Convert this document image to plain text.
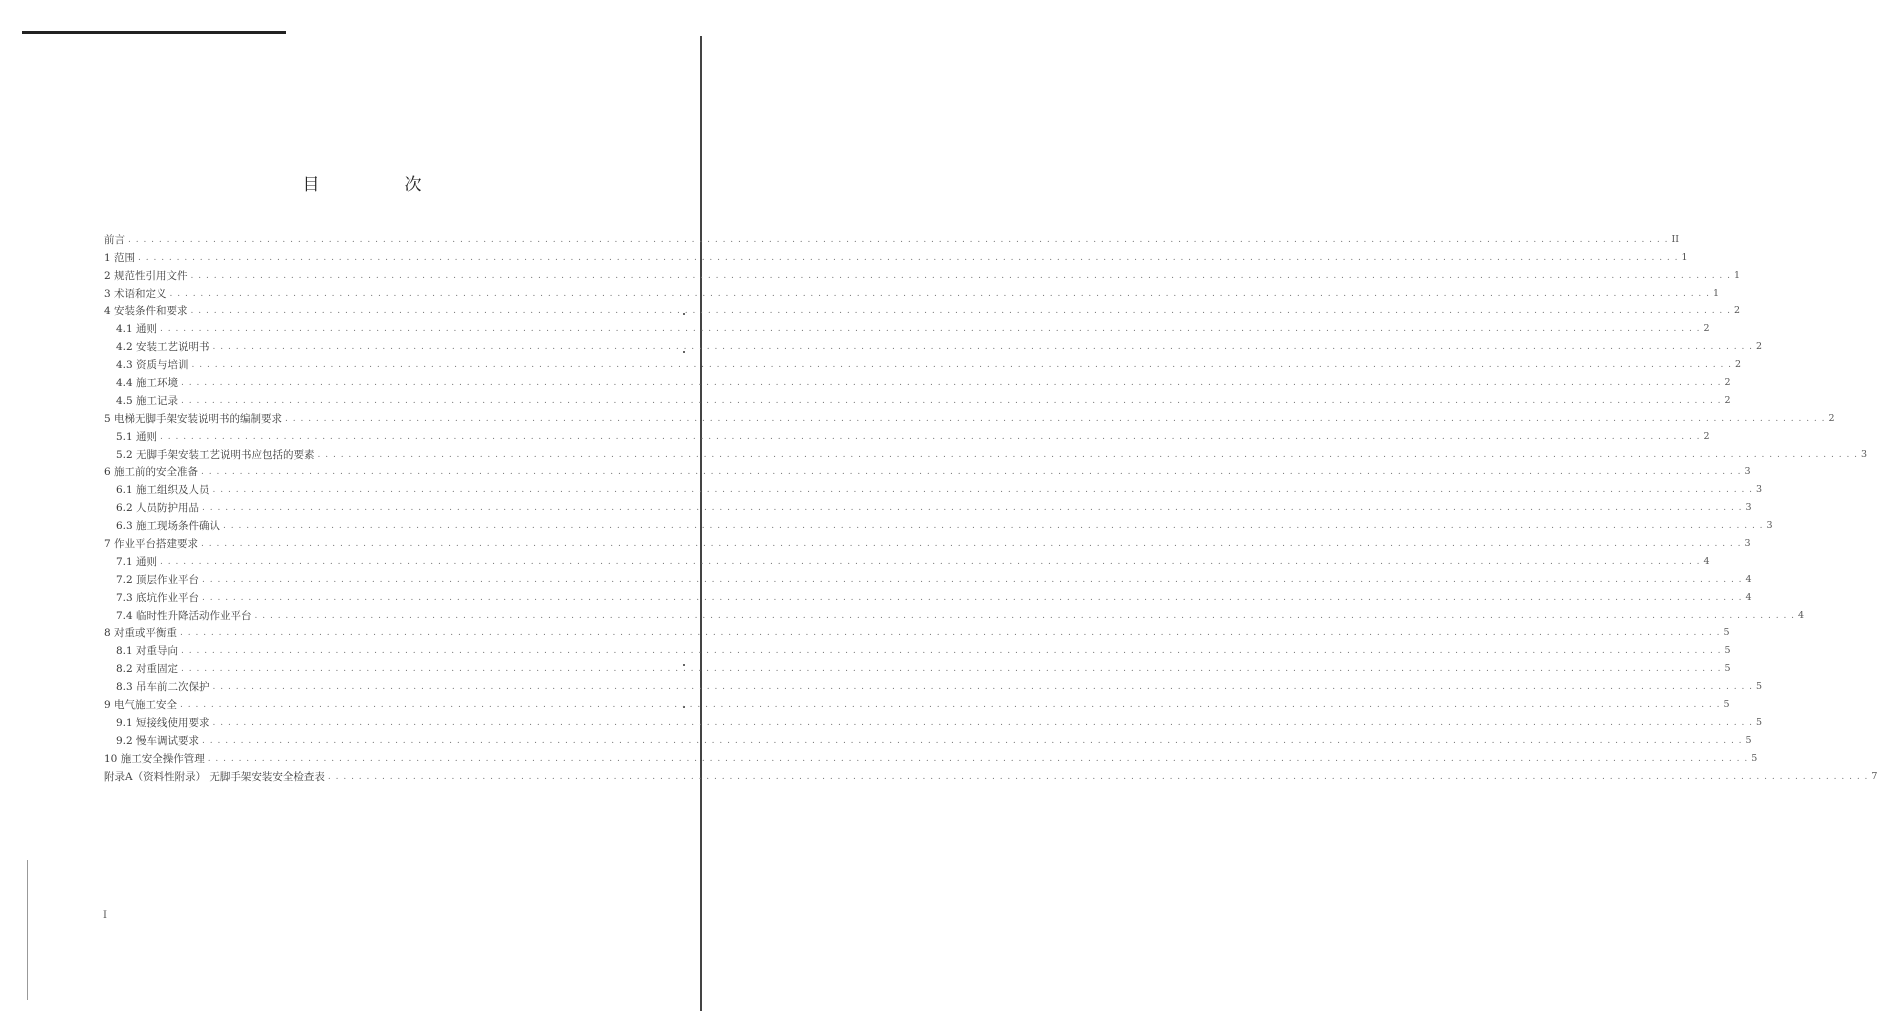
目　次
前言 . . . . . . . . . . . . . . . . . . . . . . . . . . . . . . . . . . . . . . . . . . . . . . . . . . . . . . . . . . . . . . . . . . . . . . . . . . . . . . . . . . . . . . . . . . . . . . . . . . . . . . . . . . . . . . . . . . . . . . . . . . . . . . . . . . . . . . . . . . . . . . . . . . . . . . . . . . . . . . . . . . . . . . . . . . . . . . . . . . . . . . . . . . . . . . . . . . . . . . . . II
1 范围 . . . . . . . . . . . . . . . . . . . . . . . . . . . . . . . . . . . . . . . . . . . . . . . . . . . . . . . . . . . . . . . . . . . . . . . . . . . . . . . . . . . . . . . . . . . . . . . . . . . . . . . . . . . . . . . . . . . . . . . . . . . . . . . . . . . . . . . . . . . . . . . . . . . . . . . . . . . . . . . . . . . . . . . . . . . . . . . . . . . . . . . . . . . . . . . . . . . . . . . . 1
2 规范性引用文件 . . . . . . . . . . . . . . . . . . . . . . . . . . . . . . . . . . . . . . . . . . . . . . . . . . . . . . . . . . . . . . . . . . . . . . . . . . . . . . . . . . . . . . . . . . . . . . . . . . . . . . . . . . . . . . . . . . . . . . . . . . . . . . . . . . . . . . . . . . . . . . . . . . . . . . . . . . . . . . . . . . . . . . . . . . . . . . . . . . . . . . . . . . . . . . . . . . . . . . . . 1
3 术语和定义 . . . . . . . . . . . . . . . . . . . . . . . . . . . . . . . . . . . . . . . . . . . . . . . . . . . . . . . . . . . . . . . . . . . . . . . . . . . . . . . . . . . . . . . . . . . . . . . . . . . . . . . . . . . . . . . . . . . . . . . . . . . . . . . . . . . . . . . . . . . . . . . . . . . . . . . . . . . . . . . . . . . . . . . . . . . . . . . . . . . . . . . . . . . . . . . . . . . . . . . . 1
4 安装条件和要求 . . . . . . . . . . . . . . . . . . . . . . . . . . . . . . . . . . . . . . . . . . . . . . . . . . . . . . . . . . . . . . . . . . . . . . . . . . . . . . . . . . . . . . . . . . . . . . . . . . . . . . . . . . . . . . . . . . . . . . . . . . . . . . . . . . . . . . . . . . . . . . . . . . . . . . . . . . . . . . . . . . . . . . . . . . . . . . . . . . . . . . . . . . . . . . . . . . . . . . . . 2
4.1 通则 . . . . . . . . . . . . . . . . . . . . . . . . . . . . . . . . . . . . . . . . . . . . . . . . . . . . . . . . . . . . . . . . . . . . . . . . . . . . . . . . . . . . . . . . . . . . . . . . . . . . . . . . . . . . . . . . . . . . . . . . . . . . . . . . . . . . . . . . . . . . . . . . . . . . . . . . . . . . . . . . . . . . . . . . . . . . . . . . . . . . . . . . . . . . . . . . . . . . . . . . 2
4.2 安装工艺说明书 . . . . . . . . . . . . . . . . . . . . . . . . . . . . . . . . . . . . . . . . . . . . . . . . . . . . . . . . . . . . . . . . . . . . . . . . . . . . . . . . . . . . . . . . . . . . . . . . . . . . . . . . . . . . . . . . . . . . . . . . . . . . . . . . . . . . . . . . . . . . . . . . . . . . . . . . . . . . . . . . . . . . . . . . . . . . . . . . . . . . . . . . . . . . . . . . . . . . . . . . 2
4.3 资质与培训 . . . . . . . . . . . . . . . . . . . . . . . . . . . . . . . . . . . . . . . . . . . . . . . . . . . . . . . . . . . . . . . . . . . . . . . . . . . . . . . . . . . . . . . . . . . . . . . . . . . . . . . . . . . . . . . . . . . . . . . . . . . . . . . . . . . . . . . . . . . . . . . . . . . . . . . . . . . . . . . . . . . . . . . . . . . . . . . . . . . . . . . . . . . . . . . . . . . . . . . . 2
4.4 施工环境 . . . . . . . . . . . . . . . . . . . . . . . . . . . . . . . . . . . . . . . . . . . . . . . . . . . . . . . . . . . . . . . . . . . . . . . . . . . . . . . . . . . . . . . . . . . . . . . . . . . . . . . . . . . . . . . . . . . . . . . . . . . . . . . . . . . . . . . . . . . . . . . . . . . . . . . . . . . . . . . . . . . . . . . . . . . . . . . . . . . . . . . . . . . . . . . . . . . . . . . . 2
4.5 施工记录 . . . . . . . . . . . . . . . . . . . . . . . . . . . . . . . . . . . . . . . . . . . . . . . . . . . . . . . . . . . . . . . . . . . . . . . . . . . . . . . . . . . . . . . . . . . . . . . . . . . . . . . . . . . . . . . . . . . . . . . . . . . . . . . . . . . . . . . . . . . . . . . . . . . . . . . . . . . . . . . . . . . . . . . . . . . . . . . . . . . . . . . . . . . . . . . . . . . . . . . . 2
5 电梯无脚手架安装说明书的编制要求 . . . . . . . . . . . . . . . . . . . . . . . . . . . . . . . . . . . . . . . . . . . . . . . . . . . . . . . . . . . . . . . . . . . . . . . . . . . . . . . . . . . . . . . . . . . . . . . . . . . . . . . . . . . . . . . . . . . . . . . . . . . . . . . . . . . . . . . . . . . . . . . . . . . . . . . . . . . . . . . . . . . . . . . . . . . . . . . . . . . . . . . . . . . . . . . . . . . . . . . . 2
5.1 通则 . . . . . . . . . . . . . . . . . . . . . . . . . . . . . . . . . . . . . . . . . . . . . . . . . . . . . . . . . . . . . . . . . . . . . . . . . . . . . . . . . . . . . . . . . . . . . . . . . . . . . . . . . . . . . . . . . . . . . . . . . . . . . . . . . . . . . . . . . . . . . . . . . . . . . . . . . . . . . . . . . . . . . . . . . . . . . . . . . . . . . . . . . . . . . . . . . . . . . . . . 2
5.2 无脚手架安装工艺说明书应包括的要素 . . . . . . . . . . . . . . . . . . . . . . . . . . . . . . . . . . . . . . . . . . . . . . . . . . . . . . . . . . . . . . . . . . . . . . . . . . . . . . . . . . . . . . . . . . . . . . . . . . . . . . . . . . . . . . . . . . . . . . . . . . . . . . . . . . . . . . . . . . . . . . . . . . . . . . . . . . . . . . . . . . . . . . . . . . . . . . . . . . . . . . . . . . . . . . . . . . . . . . . . 3
6 施工前的安全准备 . . . . . . . . . . . . . . . . . . . . . . . . . . . . . . . . . . . . . . . . . . . . . . . . . . . . . . . . . . . . . . . . . . . . . . . . . . . . . . . . . . . . . . . . . . . . . . . . . . . . . . . . . . . . . . . . . . . . . . . . . . . . . . . . . . . . . . . . . . . . . . . . . . . . . . . . . . . . . . . . . . . . . . . . . . . . . . . . . . . . . . . . . . . . . . . . . . . . . . . . 3
6.1 施工组织及人员 . . . . . . . . . . . . . . . . . . . . . . . . . . . . . . . . . . . . . . . . . . . . . . . . . . . . . . . . . . . . . . . . . . . . . . . . . . . . . . . . . . . . . . . . . . . . . . . . . . . . . . . . . . . . . . . . . . . . . . . . . . . . . . . . . . . . . . . . . . . . . . . . . . . . . . . . . . . . . . . . . . . . . . . . . . . . . . . . . . . . . . . . . . . . . . . . . . . . . . . . 3
6.2 人员防护用品 . . . . . . . . . . . . . . . . . . . . . . . . . . . . . . . . . . . . . . . . . . . . . . . . . . . . . . . . . . . . . . . . . . . . . . . . . . . . . . . . . . . . . . . . . . . . . . . . . . . . . . . . . . . . . . . . . . . . . . . . . . . . . . . . . . . . . . . . . . . . . . . . . . . . . . . . . . . . . . . . . . . . . . . . . . . . . . . . . . . . . . . . . . . . . . . . . . . . . . . . 3
6.3 施工现场条件确认 . . . . . . . . . . . . . . . . . . . . . . . . . . . . . . . . . . . . . . . . . . . . . . . . . . . . . . . . . . . . . . . . . . . . . . . . . . . . . . . . . . . . . . . . . . . . . . . . . . . . . . . . . . . . . . . . . . . . . . . . . . . . . . . . . . . . . . . . . . . . . . . . . . . . . . . . . . . . . . . . . . . . . . . . . . . . . . . . . . . . . . . . . . . . . . . . . . . . . . . . 3
7 作业平台搭建要求 . . . . . . . . . . . . . . . . . . . . . . . . . . . . . . . . . . . . . . . . . . . . . . . . . . . . . . . . . . . . . . . . . . . . . . . . . . . . . . . . . . . . . . . . . . . . . . . . . . . . . . . . . . . . . . . . . . . . . . . . . . . . . . . . . . . . . . . . . . . . . . . . . . . . . . . . . . . . . . . . . . . . . . . . . . . . . . . . . . . . . . . . . . . . . . . . . . . . . . . . 3
7.1 通则 . . . . . . . . . . . . . . . . . . . . . . . . . . . . . . . . . . . . . . . . . . . . . . . . . . . . . . . . . . . . . . . . . . . . . . . . . . . . . . . . . . . . . . . . . . . . . . . . . . . . . . . . . . . . . . . . . . . . . . . . . . . . . . . . . . . . . . . . . . . . . . . . . . . . . . . . . . . . . . . . . . . . . . . . . . . . . . . . . . . . . . . . . . . . . . . . . . . . . . . . 4
7.2 顶层作业平台 . . . . . . . . . . . . . . . . . . . . . . . . . . . . . . . . . . . . . . . . . . . . . . . . . . . . . . . . . . . . . . . . . . . . . . . . . . . . . . . . . . . . . . . . . . . . . . . . . . . . . . . . . . . . . . . . . . . . . . . . . . . . . . . . . . . . . . . . . . . . . . . . . . . . . . . . . . . . . . . . . . . . . . . . . . . . . . . . . . . . . . . . . . . . . . . . . . . . . . . . 4
7.3 底坑作业平台 . . . . . . . . . . . . . . . . . . . . . . . . . . . . . . . . . . . . . . . . . . . . . . . . . . . . . . . . . . . . . . . . . . . . . . . . . . . . . . . . . . . . . . . . . . . . . . . . . . . . . . . . . . . . . . . . . . . . . . . . . . . . . . . . . . . . . . . . . . . . . . . . . . . . . . . . . . . . . . . . . . . . . . . . . . . . . . . . . . . . . . . . . . . . . . . . . . . . . . . . 4
7.4 临时性升降活动作业平台 . . . . . . . . . . . . . . . . . . . . . . . . . . . . . . . . . . . . . . . . . . . . . . . . . . . . . . . . . . . . . . . . . . . . . . . . . . . . . . . . . . . . . . . . . . . . . . . . . . . . . . . . . . . . . . . . . . . . . . . . . . . . . . . . . . . . . . . . . . . . . . . . . . . . . . . . . . . . . . . . . . . . . . . . . . . . . . . . . . . . . . . . . . . . . . . . . . . . . . . . 4
8 对重或平衡重 . . . . . . . . . . . . . . . . . . . . . . . . . . . . . . . . . . . . . . . . . . . . . . . . . . . . . . . . . . . . . . . . . . . . . . . . . . . . . . . . . . . . . . . . . . . . . . . . . . . . . . . . . . . . . . . . . . . . . . . . . . . . . . . . . . . . . . . . . . . . . . . . . . . . . . . . . . . . . . . . . . . . . . . . . . . . . . . . . . . . . . . . . . . . . . . . . . . . . . . . 5
8.1 对重导向 . . . . . . . . . . . . . . . . . . . . . . . . . . . . . . . . . . . . . . . . . . . . . . . . . . . . . . . . . . . . . . . . . . . . . . . . . . . . . . . . . . . . . . . . . . . . . . . . . . . . . . . . . . . . . . . . . . . . . . . . . . . . . . . . . . . . . . . . . . . . . . . . . . . . . . . . . . . . . . . . . . . . . . . . . . . . . . . . . . . . . . . . . . . . . . . . . . . . . . . . 5
8.2 对重固定 . . . . . . . . . . . . . . . . . . . . . . . . . . . . . . . . . . . . . . . . . . . . . . . . . . . . . . . . . . . . . . . . . . . . . . . . . . . . . . . . . . . . . . . . . . . . . . . . . . . . . . . . . . . . . . . . . . . . . . . . . . . . . . . . . . . . . . . . . . . . . . . . . . . . . . . . . . . . . . . . . . . . . . . . . . . . . . . . . . . . . . . . . . . . . . . . . . . . . . . . 5
8.3 吊车前二次保护 . . . . . . . . . . . . . . . . . . . . . . . . . . . . . . . . . . . . . . . . . . . . . . . . . . . . . . . . . . . . . . . . . . . . . . . . . . . . . . . . . . . . . . . . . . . . . . . . . . . . . . . . . . . . . . . . . . . . . . . . . . . . . . . . . . . . . . . . . . . . . . . . . . . . . . . . . . . . . . . . . . . . . . . . . . . . . . . . . . . . . . . . . . . . . . . . . . . . . . . . 5
9 电气施工安全 . . . . . . . . . . . . . . . . . . . . . . . . . . . . . . . . . . . . . . . . . . . . . . . . . . . . . . . . . . . . . . . . . . . . . . . . . . . . . . . . . . . . . . . . . . . . . . . . . . . . . . . . . . . . . . . . . . . . . . . . . . . . . . . . . . . . . . . . . . . . . . . . . . . . . . . . . . . . . . . . . . . . . . . . . . . . . . . . . . . . . . . . . . . . . . . . . . . . . . . . 5
9.1 短接线使用要求 . . . . . . . . . . . . . . . . . . . . . . . . . . . . . . . . . . . . . . . . . . . . . . . . . . . . . . . . . . . . . . . . . . . . . . . . . . . . . . . . . . . . . . . . . . . . . . . . . . . . . . . . . . . . . . . . . . . . . . . . . . . . . . . . . . . . . . . . . . . . . . . . . . . . . . . . . . . . . . . . . . . . . . . . . . . . . . . . . . . . . . . . . . . . . . . . . . . . . . . . 5
9.2 慢车调试要求 . . . . . . . . . . . . . . . . . . . . . . . . . . . . . . . . . . . . . . . . . . . . . . . . . . . . . . . . . . . . . . . . . . . . . . . . . . . . . . . . . . . . . . . . . . . . . . . . . . . . . . . . . . . . . . . . . . . . . . . . . . . . . . . . . . . . . . . . . . . . . . . . . . . . . . . . . . . . . . . . . . . . . . . . . . . . . . . . . . . . . . . . . . . . . . . . . . . . . . . . 5
10 施工安全操作管理 . . . . . . . . . . . . . . . . . . . . . . . . . . . . . . . . . . . . . . . . . . . . . . . . . . . . . . . . . . . . . . . . . . . . . . . . . . . . . . . . . . . . . . . . . . . . . . . . . . . . . . . . . . . . . . . . . . . . . . . . . . . . . . . . . . . . . . . . . . . . . . . . . . . . . . . . . . . . . . . . . . . . . . . . . . . . . . . . . . . . . . . . . . . . . . . . . . . . . . . . 5
附录A（资料性附录） 无脚手架安装安全检查表 . . . . . . . . . . . . . . . . . . . . . . . . . . . . . . . . . . . . . . . . . . . . . . . . . . . . . . . . . . . . . . . . . . . . . . . . . . . . . . . . . . . . . . . . . . . . . . . . . . . . . . . . . . . . . . . . . . . . . . . . . . . . . . . . . . . . . . . . . . . . . . . . . . . . . . . . . . . . . . . . . . . . . . . . . . . . . . . . . . . . . . . . . . . . . . . . . . . . . . . . 7
I
